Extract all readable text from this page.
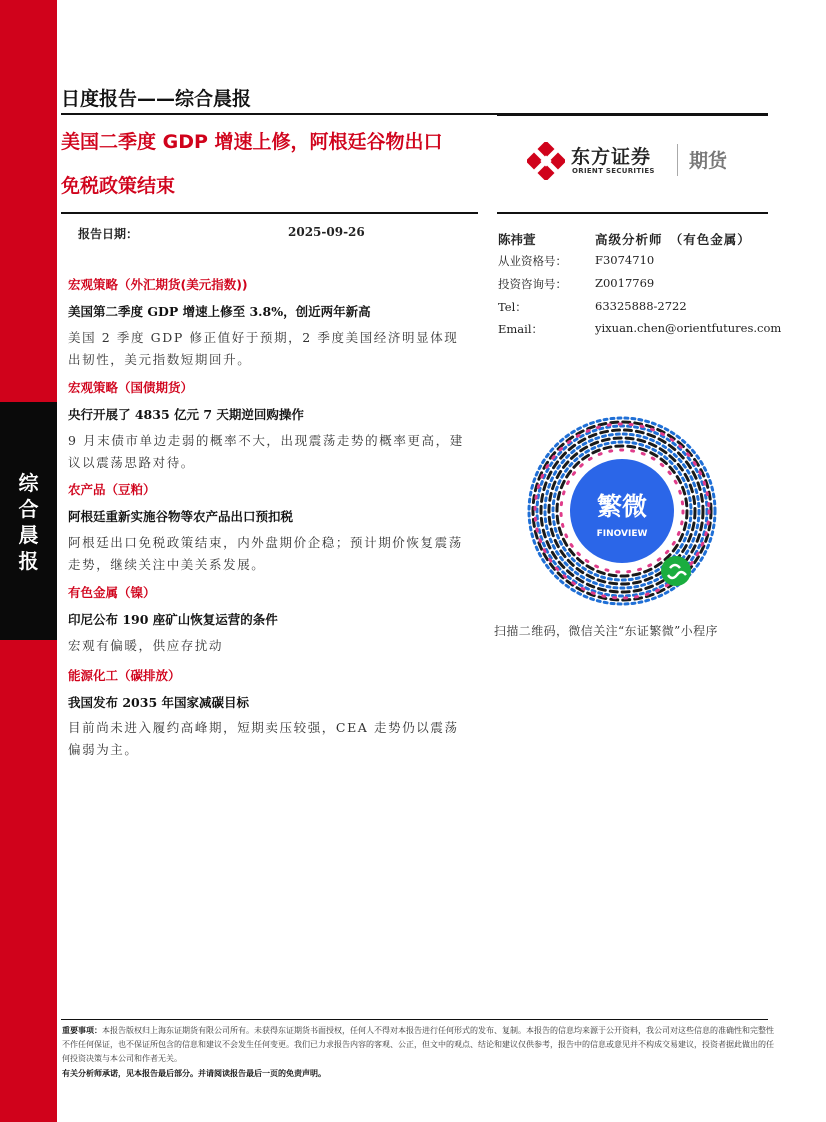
综
合
晨
报
日度报告——综合晨报
美国二季度 GDP 增速上修，阿根廷谷物出口
免税政策结束
东方证券
ORIENT SECURITIES 期货
报告日期：	2025-09-26
宏观策略（外汇期货(美元指数))
美国第二季度 GDP 增速上修至 3.8%，创近两年新高
美国 2 季度 GDP 修正值好于预期，2 季度美国经济明显体现出韧性，美元指数短期回升。
宏观策略（国债期货）
央行开展了 4835 亿元 7 天期逆回购操作
9 月末债市单边走弱的概率不大，出现震荡走势的概率更高，建议以震荡思路对待。
农产品（豆粕）
阿根廷重新实施谷物等农产品出口预扣税
阿根廷出口免税政策结束，内外盘期价企稳；预计期价恢复震荡走势，继续关注中美关系发展。
有色金属（镍）
印尼公布 190 座矿山恢复运营的条件
宏观有偏暖，供应存扰动
能源化工（碳排放）
我国发布 2035 年国家减碳目标
目前尚未进入履约高峰期，短期卖压较强，CEA 走势仍以震荡偏弱为主。
陈祎萱	高级分析师　（有色金属）
从业资格号： F3074710
投资咨询号： Z0017769
Tel：	63325888-2722
Email：	yixuan.chen@orientfutures.com
繁微
FINOVIEW
扫描二维码，微信关注“东证繁微”小程序
重要事项：本报告版权归上海东证期货有限公司所有。未获得东证期货书面授权，任何人不得对本报告进行任何形式的发布、复制。本报告的信息均来源于公开资料，我公司对这些信息的准确性和完整性不作任何保证，也不保证所包含的信息和建议不会发生任何变更。我们已力求报告内容的客观、公正，但文中的观点、结论和建议仅供参考，报告中的信息或意见并不构成交易建议，投资者据此做出的任何投资决策与本公司和作者无关。
有关分析师承诺，见本报告最后部分。并请阅读报告最后一页的免责声明。
